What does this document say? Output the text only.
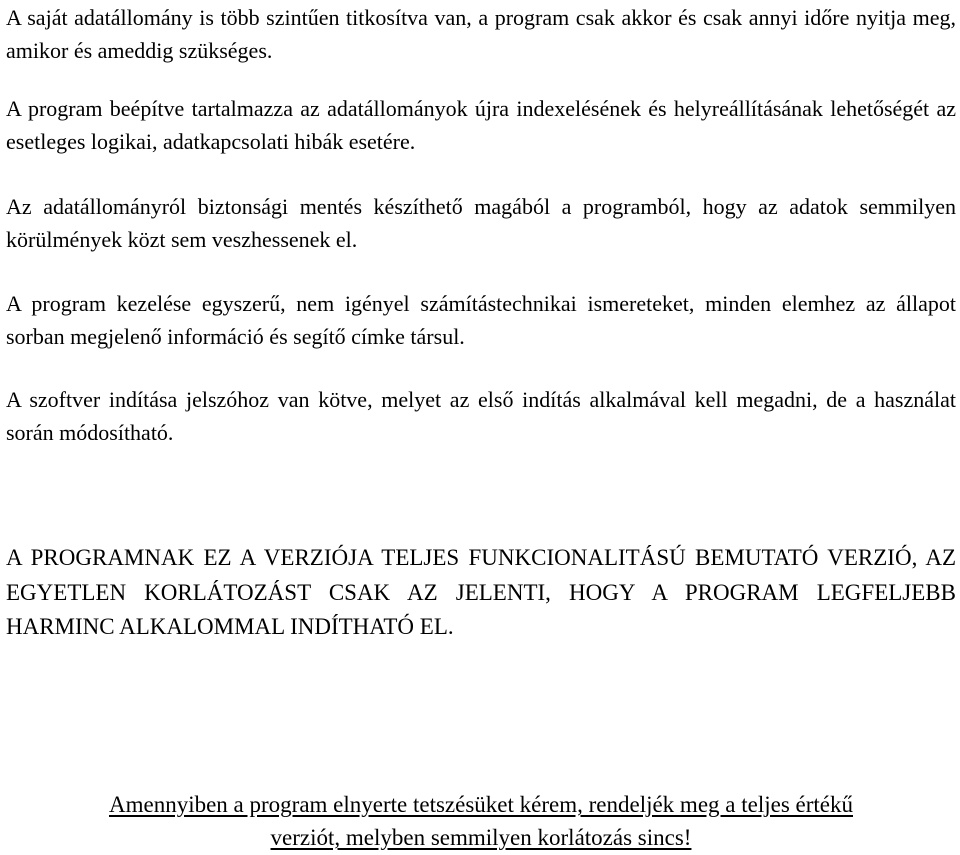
A saját adatállomány is több szintűen titkosítva van, a program csak akkor és csak annyi időre nyitja meg, amikor és ameddig szükséges.

A program beépítve tartalmazza az adatállományok újra indexelésének és helyreállításának lehetőségét az esetleges logikai, adatkapcsolati hibák esetére.

Az adatállományról biztonsági mentés készíthető magából a programból, hogy az adatok semmilyen körülmények közt sem veszhessenek el.

A program kezelése egyszerű, nem igényel számítástechnikai ismereteket, minden elemhez az állapot sorban megjelenő információ és segítő címke társul.

A szoftver indítása jelszóhoz van kötve, melyet az első indítás alkalmával kell megadni, de a használat során módosítható.

A PROGRAMNAK EZ A VERZIÓJA TELJES FUNKCIONALITÁSÚ BEMUTATÓ VERZIÓ, AZ EGYETLEN KORLÁTOZÁST CSAK AZ JELENTI, HOGY A PROGRAM LEGFELJEBB HARMINC ALKALOMMAL INDÍTHATÓ EL.

Amennyiben a program elnyerte tetszésüket kérem, rendeljék meg a teljes értékű
verziót, melyben semmilyen korlátozás sincs!
